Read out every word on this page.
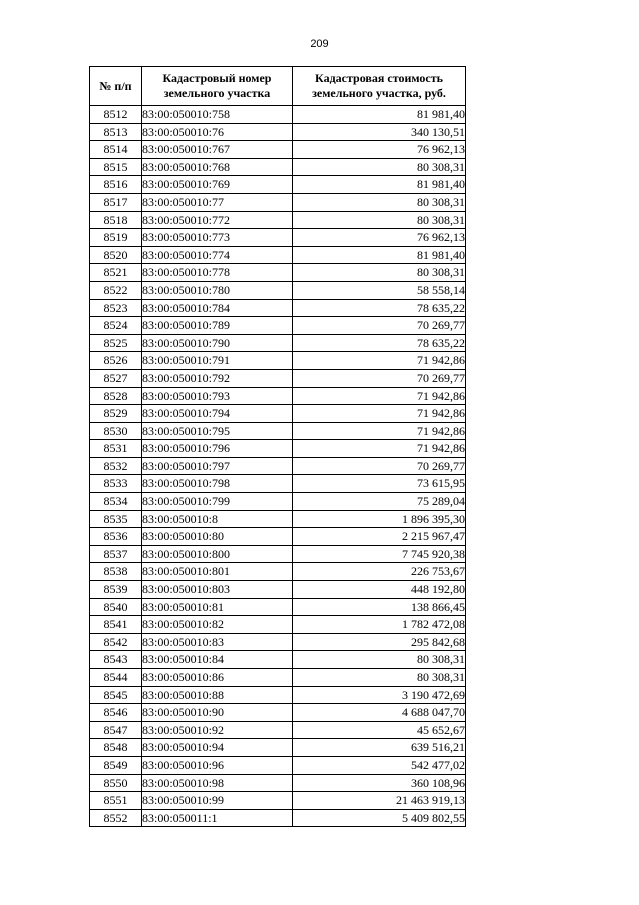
209
№ п/п	Кадастровый номер земельного участка	Кадастровая стоимость земельного участка, руб.
8512	83:00:050010:758	81 981,40
8513	83:00:050010:76	340 130,51
8514	83:00:050010:767	76 962,13
8515	83:00:050010:768	80 308,31
8516	83:00:050010:769	81 981,40
8517	83:00:050010:77	80 308,31
8518	83:00:050010:772	80 308,31
8519	83:00:050010:773	76 962,13
8520	83:00:050010:774	81 981,40
8521	83:00:050010:778	80 308,31
8522	83:00:050010:780	58 558,14
8523	83:00:050010:784	78 635,22
8524	83:00:050010:789	70 269,77
8525	83:00:050010:790	78 635,22
8526	83:00:050010:791	71 942,86
8527	83:00:050010:792	70 269,77
8528	83:00:050010:793	71 942,86
8529	83:00:050010:794	71 942,86
8530	83:00:050010:795	71 942,86
8531	83:00:050010:796	71 942,86
8532	83:00:050010:797	70 269,77
8533	83:00:050010:798	73 615,95
8534	83:00:050010:799	75 289,04
8535	83:00:050010:8	1 896 395,30
8536	83:00:050010:80	2 215 967,47
8537	83:00:050010:800	7 745 920,38
8538	83:00:050010:801	226 753,67
8539	83:00:050010:803	448 192,80
8540	83:00:050010:81	138 866,45
8541	83:00:050010:82	1 782 472,08
8542	83:00:050010:83	295 842,68
8543	83:00:050010:84	80 308,31
8544	83:00:050010:86	80 308,31
8545	83:00:050010:88	3 190 472,69
8546	83:00:050010:90	4 688 047,70
8547	83:00:050010:92	45 652,67
8548	83:00:050010:94	639 516,21
8549	83:00:050010:96	542 477,02
8550	83:00:050010:98	360 108,96
8551	83:00:050010:99	21 463 919,13
8552	83:00:050011:1	5 409 802,55
